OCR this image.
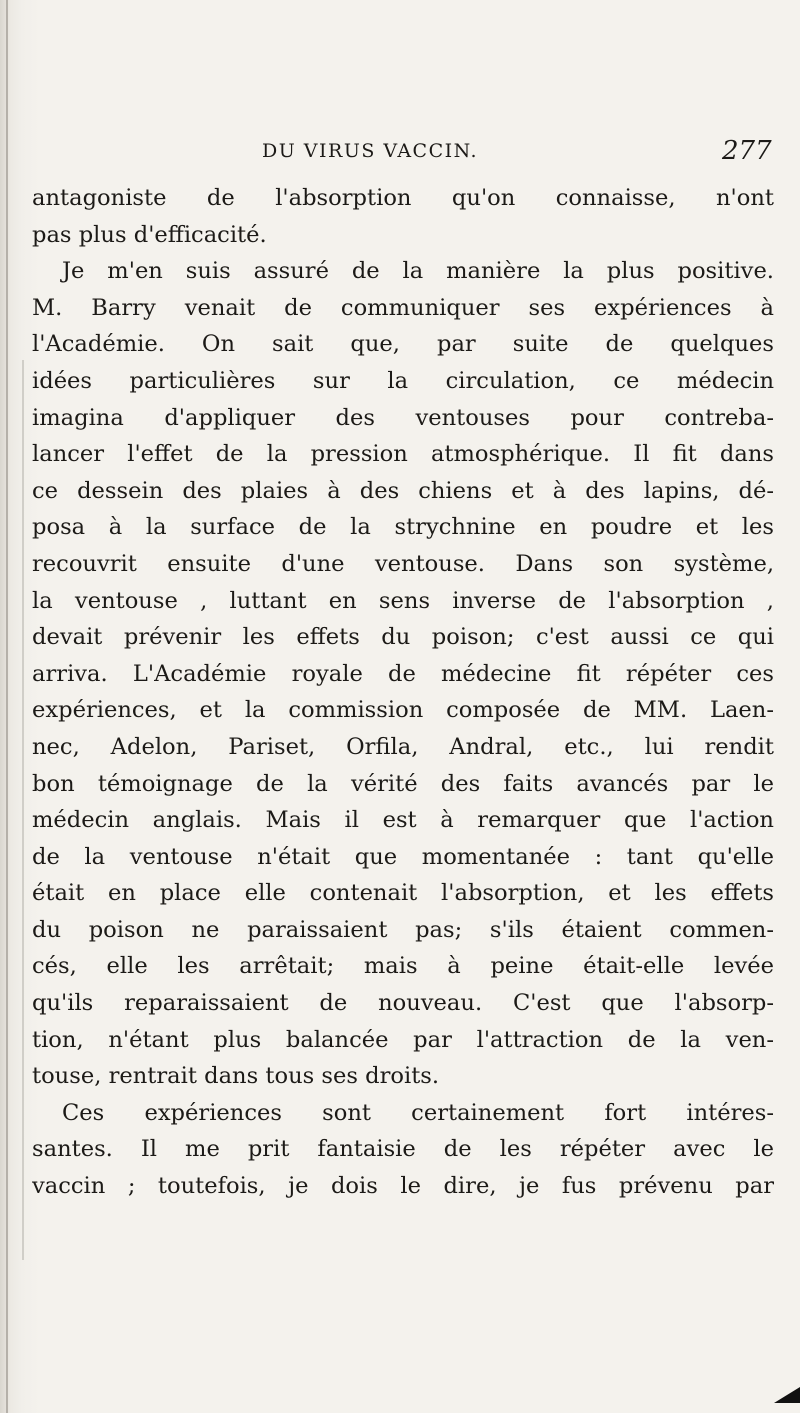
DU VIRUS VACCIN.	277
antagoniste de l'absorption qu'on connaisse, n'ont
pas plus d'efficacité.
Je m'en suis assuré de la manière la plus positive.
M. Barry venait de communiquer ses expériences à
l'Académie. On sait que, par suite de quelques
idées particulières sur la circulation, ce médecin
imagina d'appliquer des ventouses pour contreba-
lancer l'effet de la pression atmosphérique. Il fit dans
ce dessein des plaies à des chiens et à des lapins, dé-
posa à la surface de la strychnine en poudre et les
recouvrit ensuite d'une ventouse. Dans son système,
la ventouse , luttant en sens inverse de l'absorption ,
devait prévenir les effets du poison; c'est aussi ce qui
arriva. L'Académie royale de médecine fit répéter ces
expériences, et la commission composée de MM. Laen-
nec, Adelon, Pariset, Orfila, Andral, etc., lui rendit
bon témoignage de la vérité des faits avancés par le
médecin anglais. Mais il est à remarquer que l'action
de la ventouse n'était que momentanée : tant qu'elle
était en place elle contenait l'absorption, et les effets
du poison ne paraissaient pas; s'ils étaient commen-
cés, elle les arrêtait; mais à peine était-elle levée
qu'ils reparaissaient de nouveau. C'est que l'absorp-
tion, n'étant plus balancée par l'attraction de la ven-
touse, rentrait dans tous ses droits.
Ces expériences sont certainement fort intéres-
santes. Il me prit fantaisie de les répéter avec le
vaccin ; toutefois, je dois le dire, je fus prévenu par
